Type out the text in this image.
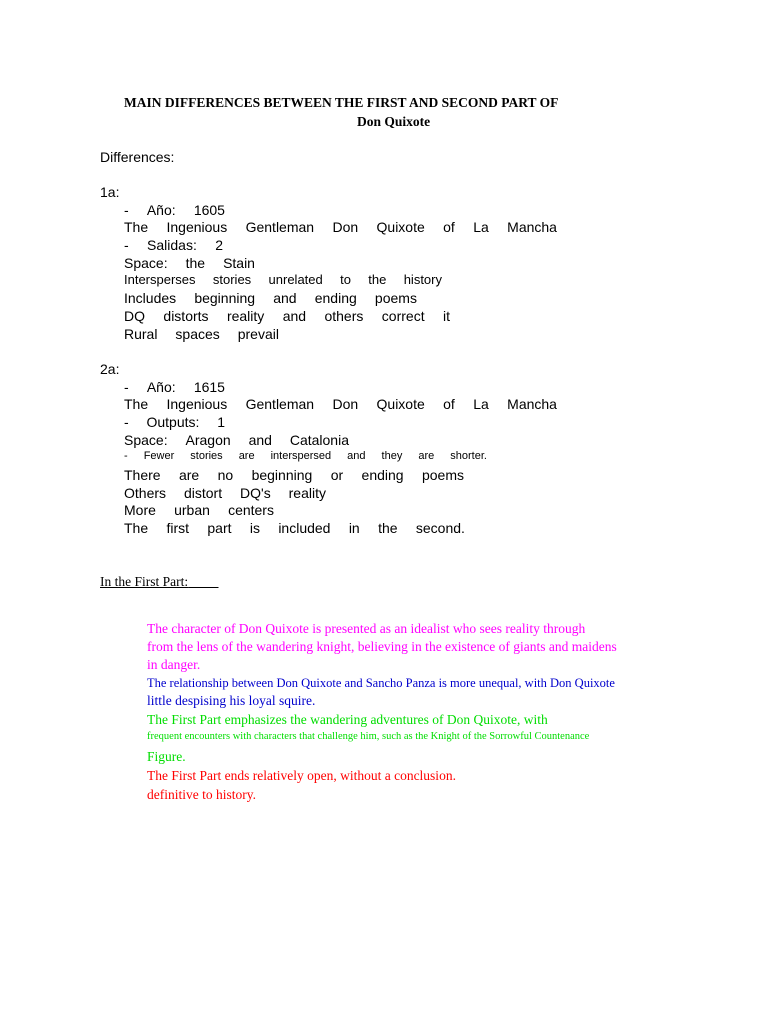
MAIN DIFFERENCES BETWEEN THE FIRST AND SECOND PART OF
Don Quixote
Differences:
1a:
- Año: 1605
The Ingenious Gentleman Don Quixote of La Mancha
- Salidas: 2
Space: the Stain
Intersperses stories unrelated to the history
Includes beginning and ending poems
DQ distorts reality and others correct it
Rural spaces prevail
2a:
- Año: 1615
The Ingenious Gentleman Don Quixote of La Mancha
- Outputs: 1
Space: Aragon and Catalonia
- Fewer stories are interspersed and they are shorter.
There are no beginning or ending poems
Others distort DQ's reality
More urban centers
The first part is included in the second.
In the First Part:
The character of Don Quixote is presented as an idealist who sees reality through
from the lens of the wandering knight, believing in the existence of giants and maidens
in danger.
The relationship between Don Quixote and Sancho Panza is more unequal, with Don Quixote
little despising his loyal squire.
The First Part emphasizes the wandering adventures of Don Quixote, with
frequent encounters with characters that challenge him, such as the Knight of the Sorrowful Countenance
Figure.
The First Part ends relatively open, without a conclusion.
definitive to history.
